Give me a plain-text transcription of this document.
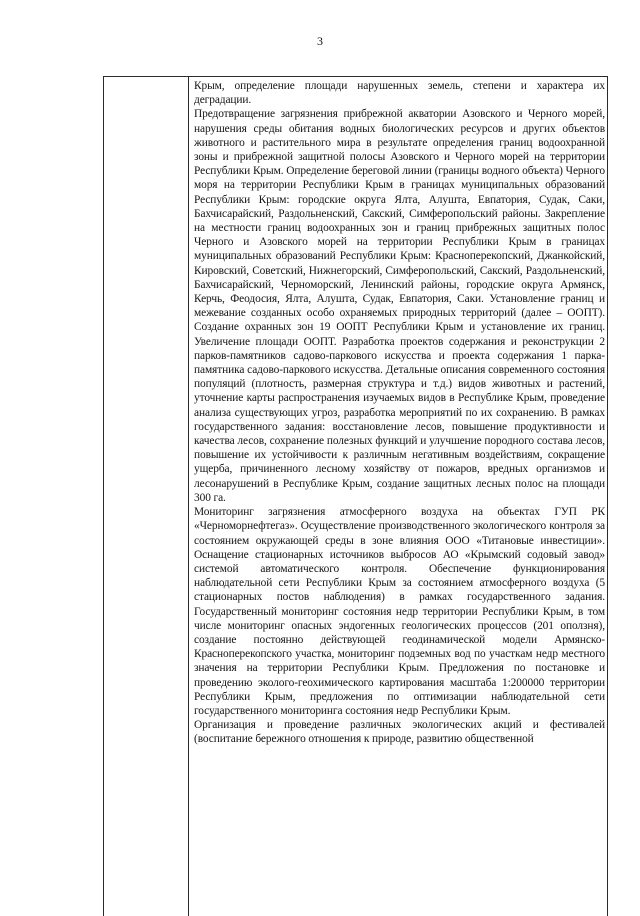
3

Крым, определение площади нарушенных земель, степени и характера их деградации.

Предотвращение загрязнения прибрежной акватории Азовского и Черного морей, нарушения среды обитания водных биологических ресурсов и других объектов животного и растительного мира в результате определения границ водоохранной зоны и прибрежной защитной полосы Азовского и Черного морей на территории Республики Крым. Определение береговой линии (границы водного объекта) Черного моря на территории Республики Крым в границах муниципальных образований Республики Крым: городские округа Ялта, Алушта, Евпатория, Судак, Саки, Бахчисарайский, Раздольненский, Сакский, Симферопольский районы. Закрепление на местности границ водоохранных зон и границ прибрежных защитных полос Черного и Азовского морей на территории Республики Крым в границах муниципальных образований Республики Крым: Красноперекопский, Джанкойский, Кировский, Советский, Нижнегорский, Симферопольский, Сакский, Раздольненский, Бахчисарайский, Черноморский, Ленинский районы, городские округа Армянск, Керчь, Феодосия, Ялта, Алушта, Судак, Евпатория, Саки. Установление границ и межевание созданных особо охраняемых природных территорий (далее – ООПТ). Создание охранных зон 19 ООПТ Республики Крым и установление их границ. Увеличение площади ООПТ. Разработка проектов содержания и реконструкции 2 парков-памятников садово-паркового искусства и проекта содержания 1 парка-памятника садово-паркового искусства. Детальные описания современного состояния популяций (плотность, размерная структура и т.д.) видов животных и растений, уточнение карты распространения изучаемых видов в Республике Крым, проведение анализа существующих угроз, разработка мероприятий по их сохранению. В рамках государственного задания: восстановление лесов, повышение продуктивности и качества лесов, сохранение полезных функций и улучшение породного состава лесов, повышение их устойчивости к различным негативным воздействиям, сокращение ущерба, причиненного лесному хозяйству от пожаров, вредных организмов и лесонарушений в Республике Крым, создание защитных лесных полос на площади 300 га.

Мониторинг загрязнения атмосферного воздуха на объектах ГУП РК «Черноморнефтегаз». Осуществление производственного экологического контроля за состоянием окружающей среды в зоне влияния ООО «Титановые инвестиции». Оснащение стационарных источников выбросов АО «Крымский содовый завод» системой автоматического контроля. Обеспечение функционирования наблюдательной сети Республики Крым за состоянием атмосферного воздуха (5 стационарных постов наблюдения) в рамках государственного задания. Государственный мониторинг состояния недр территории Республики Крым, в том числе мониторинг опасных эндогенных геологических процессов (201 оползня), создание постоянно действующей геодинамической модели Армянско-Красноперекопского участка, мониторинг подземных вод по участкам недр местного значения на территории Республики Крым. Предложения по постановке и проведению эколого-геохимического картирования масштаба 1:200000 территории Республики Крым, предложения по оптимизации наблюдательной сети государственного мониторинга состояния недр Республики Крым.

Организация и проведение различных экологических акций и фестивалей (воспитание бережного отношения к природе, развитию общественной
